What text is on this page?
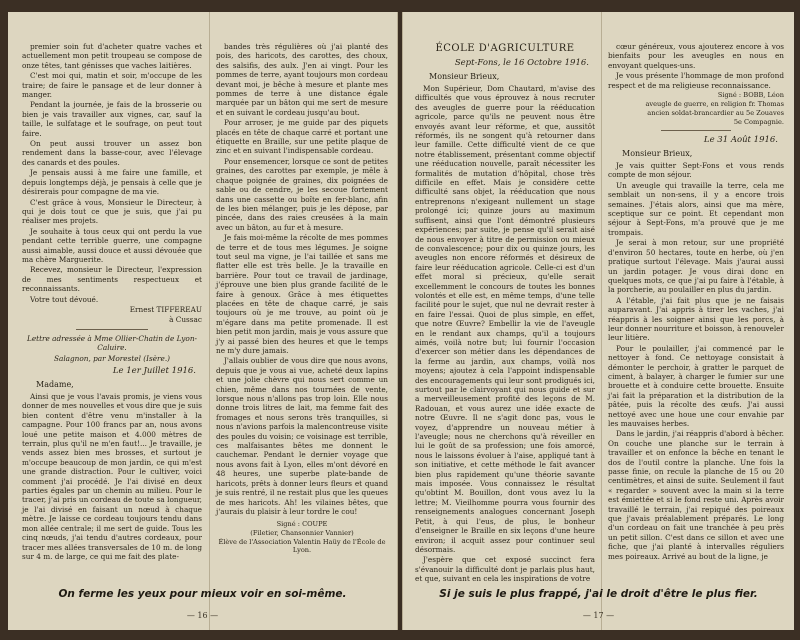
premier soin fut d'acheter quatre vaches et actuellement mon petit troupeau se compose de onze têtes, tant génisses que vaches laitières.

C'est moi qui, matin et soir, m'occupe de les traire; de faire le pansage et de leur donner à manger.

Pendant la journée, je fais de la brosserie ou bien je vais travailler aux vignes, car, sauf la taille, le sulfatage et le soufrage, on peut tout faire.

On peut aussi trouver un assez bon rendement dans la basse-cour, avec l'élevage des canards et des poules.

Je pensais aussi à me faire une famille, et depuis longtemps déjà, je pensais à celle que je désirerais pour compagne de ma vie.

C'est grâce à vous, Monsieur le Directeur, à qui je dois tout ce que je suis, que j'ai pu réaliser mes projets.

Je souhaite à tous ceux qui ont perdu la vue pendant cette terrible guerre, une compagne aussi aimable, aussi douce et aussi dévouée que ma chère Marguerite.

Recevez, monsieur le Directeur, l'expression de mes sentiments respectueux et reconnaissants.

Votre tout dévoué.

Ernest TIFFEREAU

à Cussac

Lettre adressée à Mme Ollier-Chatin de Lyon-Caluire.

Salagnon, par Morestel (Isère.)

Le 1er Juillet 1916.

Madame,

Ainsi que je vous l'avais promis, je viens vous donner de mes nouvelles et vous dire que je suis bien content d'être venu m'installer à la campagne. Pour 100 francs par an, nous avons loué une petite maison et 4.000 mètres de terrain, plus qu'il ne m'en faut!... Je travaille, je vends assez bien mes brosses, et surtout je m'occupe beaucoup de mon jardin, ce qui m'est une grande distraction. Pour le cultiver, voici comment j'ai procédé. Je l'ai divisé en deux parties égales par un chemin au milieu. Pour le tracer, j'ai pris un cordeau de toute sa longueur, je l'ai divisé en faisant un nœud à chaque mètre. Je laisse ce cordeau toujours tendu dans mon allée centrale; il me sert de guide. Tous les cinq nœuds, j'ai tendu d'autres cordeaux, pour tracer mes allées transversales de 10 m. de long sur 4 m. de large, ce qui me fait des plate-

bandes très régulières où j'ai planté des pois, des haricots, des carottes, des choux, des salsifis, des aulx. J'en ai vingt. Pour les pommes de terre, ayant toujours mon cordeau devant moi, je bêche à mesure et plante mes pommes de terre à une distance égale marquée par un bâton qui me sert de mesure et en suivant le cordeau jusqu'au bout.

Pour arroser, je me guide par des piquets placés en tête de chaque carré et portant une étiquette en Braille, sur une petite plaque de zinc et en suivant l'indispensable cordeau.

Pour ensemencer, lorsque ce sont de petites graines, des carottes par exemple, je mêle à chaque poignée de graines, dix poignées de sable ou de cendre, je les secoue fortement dans une cassette ou boîte en fer-blanc, afin de les bien mélanger, puis je les dépose, par pincée, dans des raies creusées à la main avec un bâton, au fur et à mesure.

Je fais moi-même la récolte de mes pommes de terre et de tous mes légumes. Je soigne tout seul ma vigne, je l'ai taillée et sans me flatter elle est très belle. Je la travaille en barrière. Pour tout ce travail de jardinage, j'éprouve une bien plus grande facilité de le faire à genoux. Grâce à mes étiquettes placées en tête de chaque carré, je sais toujours où je me trouve, au point où je m'égare dans ma petite promenade. Il est bien petit mon jardin, mais je vous assure que j'y ai passé bien des heures et que le temps ne m'y dure jamais.

J'allais oublier de vous dire que nous avons, depuis que je vous ai vue, acheté deux lapins et une jolie chèvre qui nous sert comme un chien, même dans nos tournées de vente, lorsque nous n'allons pas trop loin. Elle nous donne trois litres de lait, ma femme fait des fromages et nous serons très tranquilles, si nous n'avions parfois la malencontreuse visite des poules du voisin; ce voisinage est terrible, ces malfaisantes bêtes me donnent le cauchemar. Pendant le dernier voyage que nous avons fait à Lyon, elles m'ont dévoré en 48 heures, une superbe plate-bande de haricots, prêts à donner leurs fleurs et quand je suis rentré, il ne restait plus que les queues de mes haricots. Ah! les vilaines bêtes, que j'aurais du plaisir à leur tordre le cou!

Signé : COUPE

(Filetier, Chansonnier Vannier)

Élève de l'Association Valentin Haüy de l'École de Lyon.

On ferme les yeux pour mieux voir en soi-même.
— 16 —

ÉCOLE D'AGRICULTURE

Sept-Fons, le 16 Octobre 1916.

Monsieur Brieux,

Mon Supérieur, Dom Chautard, m'avise des difficultés que vous éprouvez à nous recruter des aveugles de guerre pour la rééducation agricole, parce qu'ils ne peuvent nous être envoyés avant leur réforme, et que, aussitôt réformés, ils ne songent qu'à retourner dans leur famille. Cette difficulté vient de ce que notre établissement, présentant comme objectif une rééducation nouvelle, paraît nécessiter les formalités de mutation d'hôpital, chose très difficile en effet. Mais je considère cette difficulté sans objet, la rééducation que nous entreprenons n'exigeant nullement un stage prolongé ici; quinze jours au maximum suffisent, ainsi que l'ont démontré plusieurs expériences; par suite, je pense qu'il serait aisé de nous envoyer à titre de permission ou mieux de convalescence; pour dix ou quinze jours, les aveugles non encore réformés et désireux de faire leur rééducation agricole. Celle-ci est d'un effet moral si précieux, qu'elle serait excellemment le concours de toutes les bonnes volontés et elle est, en même temps, d'une telle facilité pour le sujet, que nul ne devrait rester à en faire l'essai. Quoi de plus simple, en effet, que notre Œuvre? Embellir la vie de l'aveugle en le rendant aux champs, qu'il a toujours aimés, voilà notre but; lui fournir l'occasion d'exercer son métier dans les dépendances de la ferme au jardin, aux champs, voilà nos moyens; ajoutez à cela l'appoint indispensable des encouragements qui leur sont prodigués ici, surtout par le clairvoyant qui nous guide et sur a merveilleusement profité des leçons de M. Radouan, et vous aurez une idée exacte de notre Œuvre. Il ne s'agit donc pas, vous le voyez, d'apprendre un nouveau métier à l'aveugle; nous ne cherchons qu'à réveiller en lui le goût de sa profession; une fois amorcé, nous le laissons évoluer à l'aise, appliqué tant à son initiative, et cette méthode le fait avancer bien plus rapidement qu'une théorie savante mais imposée. Vous connaissez le résultat qu'obtint M. Bouillon, dont vous avez lu la lettre; M. Vieilhomme pourra vous fournir des renseignements analogues concernant Joseph Petit, à qui l'eus, de plus, le bonheur d'enseigner le Braille en six leçons d'une heure environ; il acquit assez pour continuer seul désormais.

J'espère que cet exposé succinct fera s'évanouir la difficulté dont je parlais plus haut, et que, suivant en cela les inspirations de votre

cœur généreux, vous ajouterez encore à vos bienfaits pour les aveugles en nous en envoyant quelques-uns.

Je vous présente l'hommage de mon profond respect et de ma religieuse reconnaissance.

Signé : BOBB, Léon

aveugle de guerre, en religion fr. Thomas

ancien soldat-brancardier au 5e Zouaves

5e Compagnie.

Le 31 Août 1916.

Monsieur Brieux,

Je vais quitter Sept-Fons et vous rends compte de mon séjour.

Un aveugle qui travaille la terre, cela me semblait un non-sens, il y a encore trois semaines. J'étais alors, ainsi que ma mère, sceptique sur ce point. Et cependant mon séjour à Sept-Fons, m'a prouvé que je me trompais.

Je serai à mon retour, sur une propriété d'environ 50 hectares, toute en herbe, où j'en pratique surtout l'élevage. Mais j'aurai aussi un jardin potager. Je vous dirai donc en quelques mots, ce que j'ai pu faire à l'étable, à la porcherie, au poulailler en plus du jardin.

A l'étable, j'ai fait plus que je ne faisais auparavant. J'ai appris à tirer les vaches, j'ai réappris à les soigner ainsi que les porcs, à leur donner nourriture et boisson, à renouveler leur litière.

Pour le poulailler, j'ai commencé par le nettoyer à fond. Ce nettoyage consistait à démonter le perchoir, à gratter le parquet de ciment, à balayer, à charger le fumier sur une brouette et à conduire cette brouette. Ensuite j'ai fait la préparation et la distribution de la pâtée, puis la récolte des œufs. J'ai aussi nettoyé avec une houe une cour envahie par les mauvaises herbes.

Dans le jardin, j'ai réappris d'abord à bêcher. On couche une planche sur le terrain à travailler et on enfonce la bêche en tenant le dos de l'outil contre la planche. Une fois la passe finie, on recule la planche de 15 ou 20 centimètres, et ainsi de suite. Seulement il faut « regarder » souvent avec la main si la terre est émiettée et si le fond reste uni. Après avoir travaillé le terrain, j'ai repiqué des poireaux que j'avais préalablement préparés. Le long d'un cordeau on fait une tranchée à peu près un petit sillon. C'est dans ce sillon et avec une fiche, que j'ai planté à intervalles réguliers mes poireaux. Arrivé au bout de la ligne, je

Si je suis le plus frappé, j'ai le droit d'être le plus fier.
— 17 —
